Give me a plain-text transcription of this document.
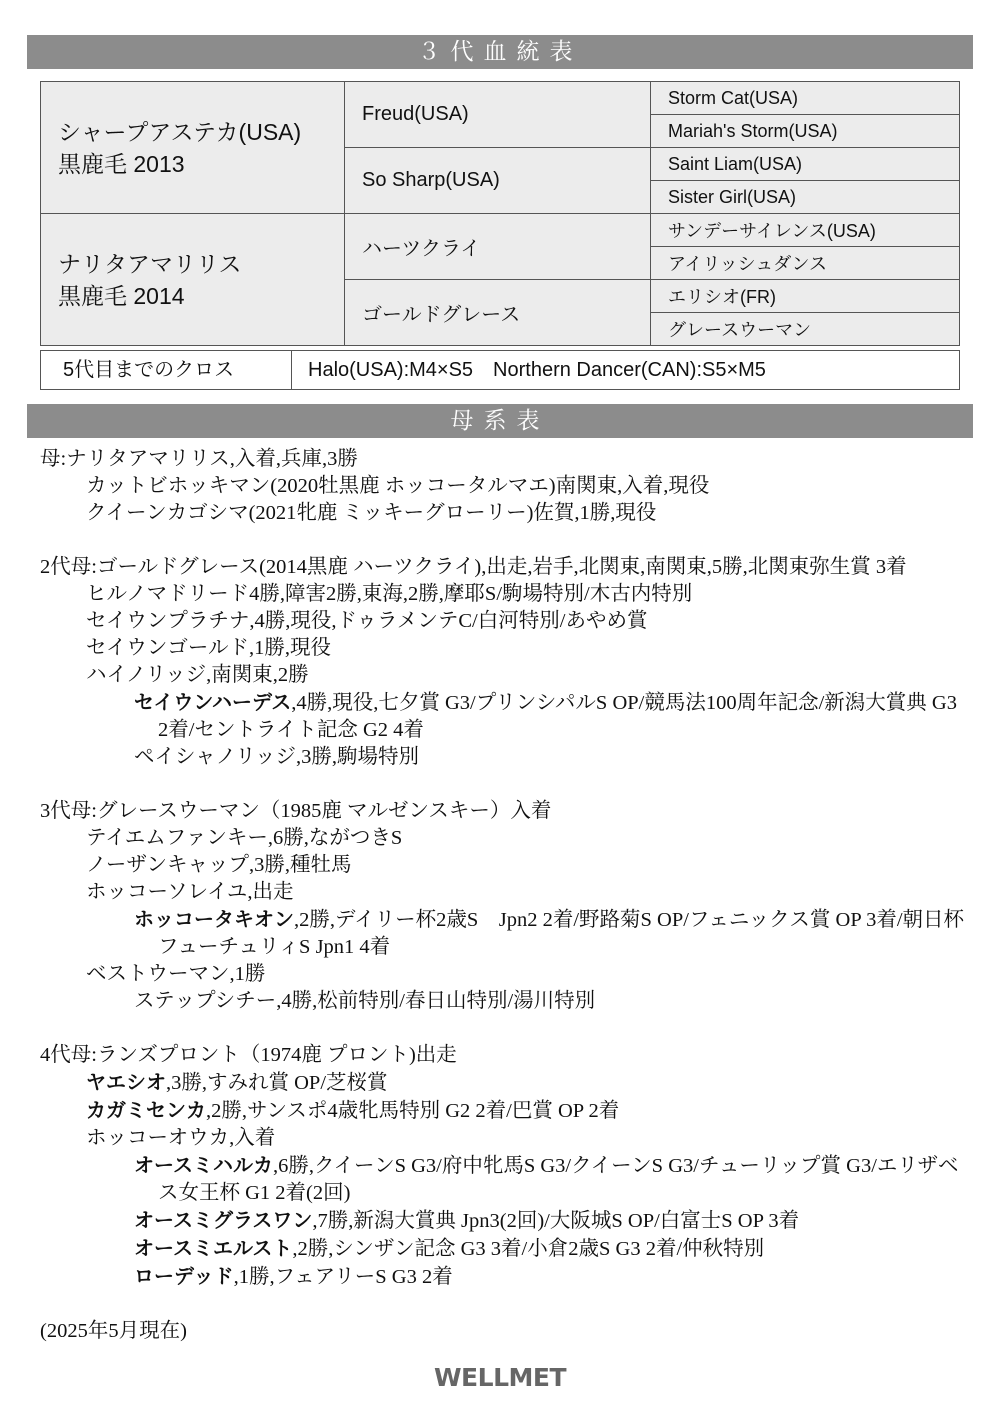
３代血統表
シャープアステカ(USA)
黒鹿毛 2013	Freud(USA)	Storm Cat(USA)
		Mariah's Storm(USA)
	So Sharp(USA)	Saint Liam(USA)
		Sister Girl(USA)

ナリタアマリリス
黒鹿毛 2014	ハーツクライ	サンデーサイレンス(USA)
		アイリッシュダンス
	ゴールドグレース	エリシオ(FR)
		グレースウーマン
5代目までのクロス	Halo(USA):M4×S5　Northern Dancer(CAN):S5×M5
母系表
母:ナリタアマリリス,入着,兵庫,3勝
カットビホッキマン(2020牡黒鹿 ホッコータルマエ)南関東,入着,現役
クイーンカゴシマ(2021牝鹿 ミッキーグローリー)佐賀,1勝,現役
2代母:ゴールドグレース(2014黒鹿 ハーツクライ),出走,岩手,北関東,南関東,5勝,北関東弥生賞 3着
ヒルノマドリード4勝,障害2勝,東海,2勝,摩耶S/駒場特別/木古内特別
セイウンプラチナ,4勝,現役,ドゥラメンテC/白河特別/あやめ賞
セイウンゴールド,1勝,現役
ハイノリッジ,南関東,2勝
セイウンハーデス,4勝,現役,七夕賞 G3/プリンシパルS OP/競馬法100周年記念/新潟大賞典 G3 2着/セントライト記念 G2 4着
ペイシャノリッジ,3勝,駒場特別
3代母:グレースウーマン（1985鹿 マルゼンスキー）入着
テイエムファンキー,6勝,ながつきS
ノーザンキャップ,3勝,種牡馬
ホッコーソレイユ,出走
ホッコータキオン,2勝,デイリー杯2歳S　Jpn2 2着/野路菊S OP/フェニックス賞 OP 3着/朝日杯フューチュリィS Jpn1 4着
ベストウーマン,1勝
ステップシチー,4勝,松前特別/春日山特別/湯川特別
4代母:ランズプロント（1974鹿 プロント)出走
ヤエシオ,3勝,すみれ賞 OP/芝桜賞
カガミセンカ,2勝,サンスポ4歳牝馬特別 G2 2着/巴賞 OP 2着
ホッコーオウカ,入着
オースミハルカ,6勝,クイーンS G3/府中牝馬S G3/クイーンS G3/チューリップ賞 G3/エリザベス女王杯 G1 2着(2回)
オースミグラスワン,7勝,新潟大賞典 Jpn3(2回)/大阪城S OP/白富士S OP 3着
オースミエルスト,2勝,シンザン記念 G3 3着/小倉2歳S G3 2着/仲秋特別
ローデッド,1勝,フェアリーS G3 2着
(2025年5月現在)
WELLMET
